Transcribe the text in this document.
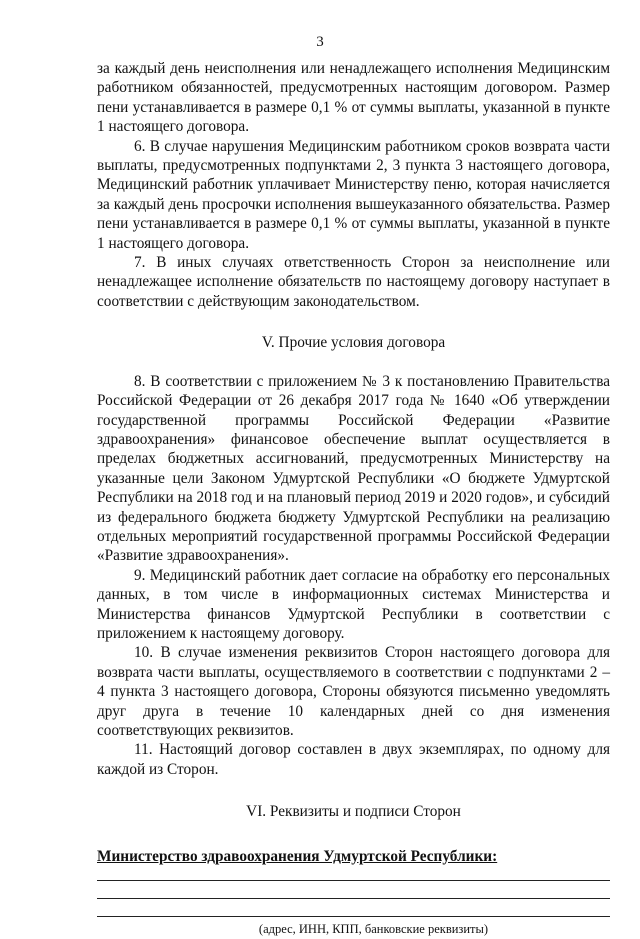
3

за каждый день неисполнения или ненадлежащего исполнения Медицинским работником обязанностей, предусмотренных настоящим договором. Размер пени устанавливается в размере 0,1 % от суммы выплаты, указанной в пункте 1 настоящего договора.

6. В случае нарушения Медицинским работником сроков возврата части выплаты, предусмотренных подпунктами 2, 3 пункта 3 настоящего договора, Медицинский работник уплачивает Министерству пеню, которая начисляется за каждый день просрочки исполнения вышеуказанного обязательства. Размер пени устанавливается в размере 0,1 % от суммы выплаты, указанной в пункте 1 настоящего договора.

7. В иных случаях ответственность Сторон за неисполнение или ненадлежащее исполнение обязательств по настоящему договору наступает в соответствии с действующим законодательством.

V. Прочие условия договора

8. В соответствии с приложением № 3 к постановлению Правительства Российской Федерации от 26 декабря 2017 года № 1640 «Об утверждении государственной программы Российской Федерации «Развитие здравоохранения» финансовое обеспечение выплат осуществляется в пределах бюджетных ассигнований, предусмотренных Министерству на указанные цели Законом Удмуртской Республики «О бюджете Удмуртской Республики на 2018 год и на плановый период 2019 и 2020 годов», и субсидий из федерального бюджета бюджету Удмуртской Республики на реализацию отдельных мероприятий государственной программы Российской Федерации «Развитие здравоохранения».

9. Медицинский работник дает согласие на обработку его персональных данных, в том числе в информационных системах Министерства и Министерства финансов Удмуртской Республики в соответствии с приложением к настоящему договору.

10. В случае изменения реквизитов Сторон настоящего договора для возврата части выплаты, осуществляемого в соответствии с подпунктами 2 – 4 пункта 3 настоящего договора, Стороны обязуются письменно уведомлять друг друга в течение 10 календарных дней со дня изменения соответствующих реквизитов.

11. Настоящий договор составлен в двух экземплярах, по одному для каждой из Сторон.

VI. Реквизиты и подписи Сторон

Министерство здравоохранения Удмуртской Республики:

(адрес, ИНН, КПП, банковские реквизиты)
